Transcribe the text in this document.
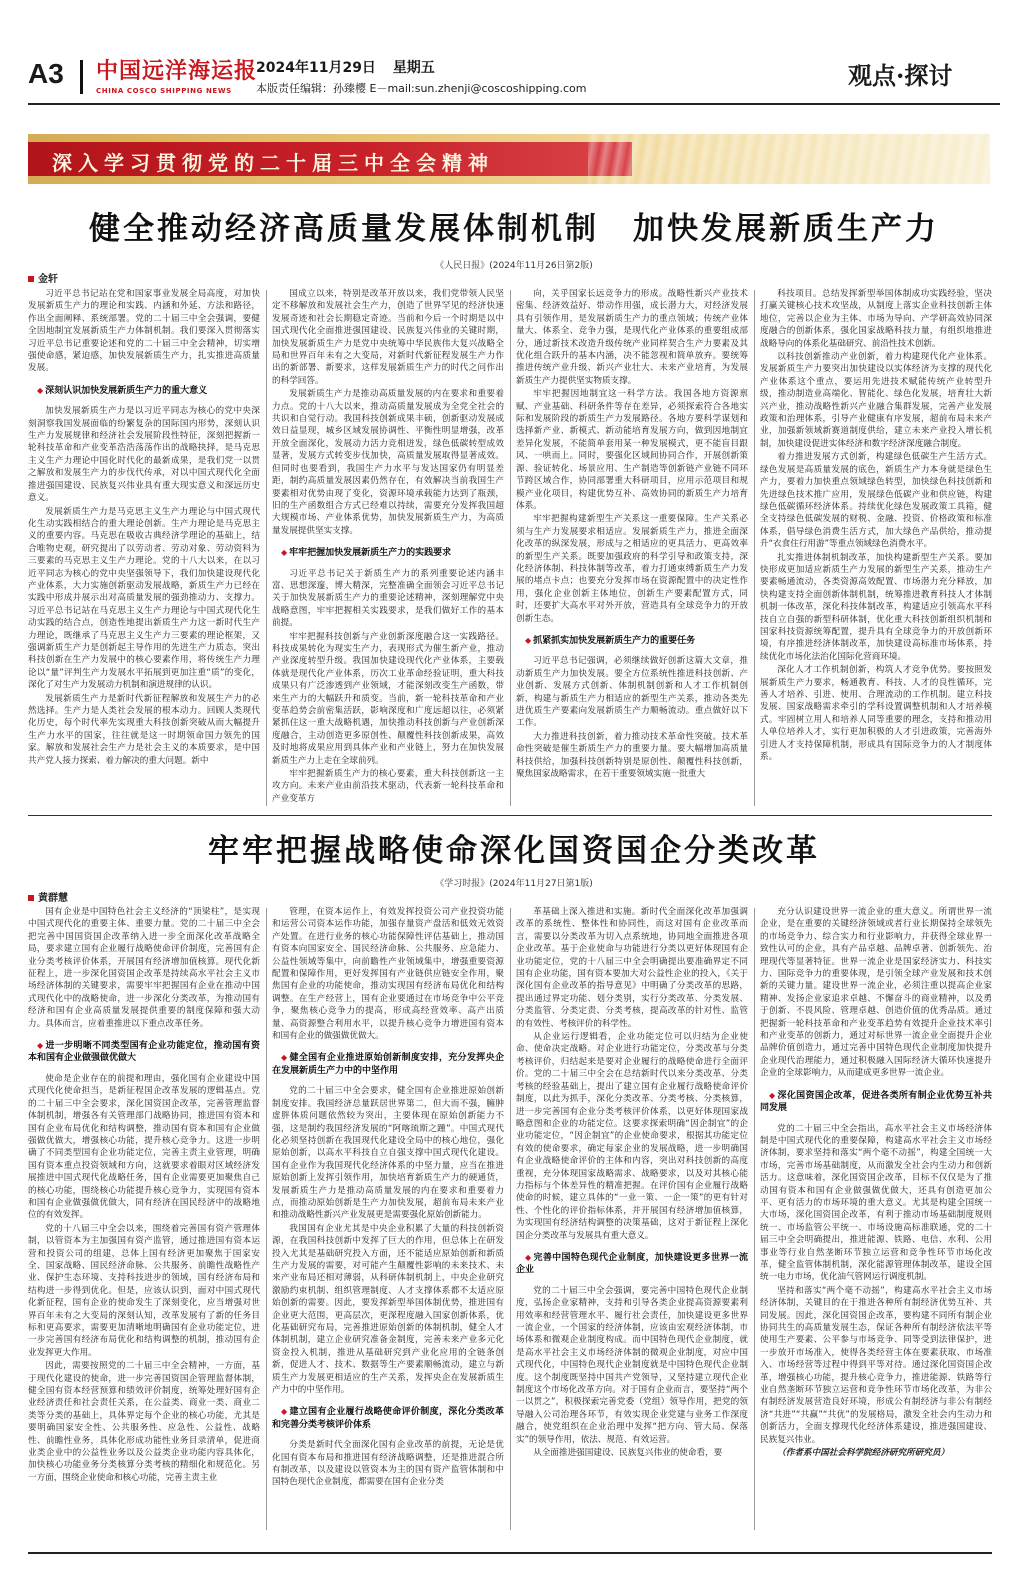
A3 中国远洋海运报
CHINA COSCO SHIPPING NEWS
2024年11月29日 星期五
本版责任编辑：孙臻樱 E－mail:sun.zhenji@coscoshipping.com	观点·探讨
深入学习贯彻党的二十届三中全会精神
健全推动经济高质量发展体制机制　加快发展新质生产力
《人民日报》(2024年11月26日第2版)
金轩

习近平总书记站在党和国家事业发展全局高度，对加快发展新质生产力的理论和实践、内涵和外延、方法和路径，作出全面阐释、系统部署。党的二十届三中全会强调，要健全因地制宜发展新质生产力体制机制。我们要深入贯彻落实习近平总书记重要论述和党的二十届三中全会精神，切实增强使命感，紧迫感，加快发展新质生产力，扎实推进高质量发展。

◆ 深刻认识加快发展新质生产力的重大意义

加快发展新质生产力是以习近平同志为核心的党中央深刻洞察我国发展面临的纷繁复杂的国际国内形势，深刻认识生产力发展规律和经济社会发展阶段性特征，深刻把握新一轮科技革命和产业变革浩浩荡荡作出的战略抉择，是马克思主义生产力理论中国化时代化的最新成果，是我们党一以贯之解放和发展生产力的步伐代传承，对以中国式现代化全面推进强国建设、民族复兴伟业具有重大现实意义和深远历史意义。

发展新质生产力是马克思主义生产力理论与中国式现代化生动实践相结合的重大理论创新。生产力理论是马克思主义的重要内容。马克思在吸收古典经济学理论的基础上，结合唯物史观，研究提出了以劳动者、劳动对象、劳动资料为三要素的马克思主义生产力理论。党的十八大以来，在以习近平同志为核心的党中央坚强领导下，我们加快建设现代化产业体系，大力实施创新驱动发展战略，新质生产力已经在实践中形成并展示出对高质量发展的强劲推动力、支撑力。习近平总书记站在马克思主义生产力理论与中国式现代化生动实践的结合点，创造性地提出新质生产力这一新时代生产力理论，既继承了马克思主义生产力三要素的理论框架，又强调新质生产力是创新起主导作用的先进生产力质态，突出科技创新在生产力发展中的核心要素作用，将传统生产力理论以“量”评判生产力发展水平拓展到更加注重“质”的变化，深化了对生产力发展动力机制和演进规律的认识。

发展新质生产力是新时代新征程解放和发展生产力的必然选择。生产力是人类社会发展的根本动力。回顾人类现代化历史，每个时代率先实现重大科技创新突破从而大幅提升生产力水平的国家，往往就是这一时期领命国力领先的国家。解放和发展社会生产力是社会主义的本质要求，是中国共产党人接力探索、着力解决的重大问题。新中

国成立以来，特别是改革开放以来，我们党带领人民坚定不移解放和发展社会生产力，创造了世界罕见的经济快速发展奇迹和社会长期稳定奇迹。当前和今后一个时期是以中国式现代化全面推进强国建设、民族复兴伟业的关键时期，加快发展新质生产力是党中央统筹中华民族伟大复兴战略全局和世界百年未有之大变局，对新时代新征程发展生产力作出的新部署、新要求，这样发展新质生产力的时代之问作出的科学回答。

发展新质生产力是推动高质量发展的内在要求和重要着力点。党的十八大以来，推动高质量发展成为全党全社会的共识和自觉行动。我国科技创新成果丰硕，创新驱动发展成效日益显现，城乡区域发展协调性、平衡性明显增强，改革开放全面深化，发展动力活力竞相迸发，绿色低碳转型成效显著，发展方式转变步伐加快，高质量发展取得显著成效。但同时也要看到，我国生产力水平与发达国家仍有明显差距，制约高质量发展因素仍然存在，有效解决当前我国生产要素相对优势由现了变化，资源环境承载能力达到了瓶颈，旧的生产函数组合方式已经难以持续，需要充分发挥我国超大规模市场、产业体系优势，加快发展新质生产力，为高质量发展提供坚实支撑。

◆ 牢牢把握加快发展新质生产力的实践要求

习近平总书记关于新质生产力的系列重要论述内涵丰富、思想深邃，博大精深，完整准确全面领会习近平总书记关于加快发展新质生产力的重要论述精神，深刻理解党中央战略意图，牢牢把握相关实践要求，是我们做好工作的基本前提。

牢牢把握科技创新与产业创新深度融合这一实践路径。科技成果转化为现实生产力，表现形式为催生新产业，推动产业深度转型升级。我国加快建设现代化产业体系，主要载体就是现代化产业体系，历次工业革命经验证明，重大科技成果只有广泛渗透到产业领域，才能深刻改变生产函数，带来生产力的大幅跃升和质变。当前，新一轮科技革命和产业变革趋势会前密集活跃，影响深度和广度远超以往，必须紧紧抓住这一重大战略机遇，加快推动科技创新与产业创新深度融合，主动创造更多原创性、颠覆性科技创新成果，高效及时地将成果应用到具体产业和产业链上，努力在加快发展新质生产力上走在全球前列。

牢牢把握新质生产力的核心要素，重大科技创新这一主攻方向。未来产业由前沿技术驱动，代表新一轮科技革命和产业变革方

向，关乎国家长远竞争力的形成。战略性新兴产业技术密集、经济效益好、带动作用强，成长潜力大，对经济发展具有引领作用，是发展新质生产力的重点领域；传统产业体量大、体系全、竞争力强，是现代化产业体系的重要组成部分，通过新技术改造升级传统产业同样契合生产力要素及其优化组合跃升的基本内涵，决不能忽视和简单放弃。要统筹推进传统产业升级、新兴产业壮大、未来产业培育，为发展新质生产力提供坚实物质支撑。

牢牢把握因地制宜这一科学方法。我国各地方资源禀赋、产业基础、科研条件等存在差异，必须探索符合各地实际和发展阶段的新质生产力发展路径。各地方要科学谋划和选择新产业、新模式、新动能培育发展方向，做到因地制宜差异化发展，不能简单套用某一种发展模式，更不能盲目跟风、一哄而上。同时，要强化区域间协同合作，开展创新策源、验证转化、场景应用、生产制造等创新链产业链不同环节跨区域合作，协同部署重大科研项目，应用示范项目和规模产业化项目，构建优势互补、高效协同的新质生产力培育体系。

牢牢把握构建新型生产关系这一重要保障。生产关系必须与生产力发展要求相适应。发展新质生产力，推进全面深化改革的纵深发展，形成与之相适应的更具活力、更高效率的新型生产关系。既要加强政府的科学引导和政策支持，深化经济体制、科技体制等改革，着力打通束缚新质生产力发展的堵点卡点；也要充分发挥市场在资源配置中的决定性作用，强化企业创新主体地位，创新生产要素配置方式，同时，还要扩大高水平对外开放，营造具有全球竞争力的开放创新生态。

◆ 抓紧抓实加快发展新质生产力的重要任务

习近平总书记强调，必须继续做好创新这篇大文章，推动新质生产力加快发展。要全方位系统性推进科技创新、产业创新、发展方式创新、体制机制创新和人才工作机制创新，构建与新质生产力相适应的新型生产关系，推动各类先进优质生产要素向发展新质生产力顺畅流动。重点做好以下工作。

大力推进科技创新，着力推动技术革命性突破。技术革命性突破是催生新质生产力的重要力量。要大幅增加高质量科技供给，加强科技创新特别是原创性、颠覆性科技创新，聚焦国家战略需求，在若干重要领域实施一批重大

科技项目。总结发挥新型举国体制成功实践经验，坚决打赢关键核心技术攻坚战，从制度上落实企业科技创新主体地位，完善以企业为主体、市场为导向、产学研高效协同深度融合的创新体系，强化国家战略科技力量，有组织地推进战略导向的体系化基础研究、前沿性技术创新。

以科技创新推动产业创新，着力构建现代化产业体系。发展新质生产力要突出加快建设以实体经济为支撑的现代化产业体系这个重点，要运用先进技术赋能传统产业转型升级，推动制造业高端化、智能化、绿色化发展，培育壮大新兴产业，推动战略性新兴产业融合集群发展，完善产业发展政策和治理体系，引导产业健康有序发展，超前布局未来产业，加强新领域新赛道制度供给，建立未来产业投入增长机制，加快建设促进实体经济和数字经济深度融合制度。

着力推进发展方式创新，构建绿色低碳生产生活方式。绿色发展是高质量发展的底色，新质生产力本身就是绿色生产力，要着力加快重点领域绿色转型，加快绿色科技创新和先进绿色技术推广应用，发展绿色低碳产业和供应链，构建绿色低碳循环经济体系。持续优化绿色发展政策工具箱，健全支持绿色低碳发展的财税、金融、投资、价格政策和标准体系，倡导绿色消费生活方式，加大绿色产品供给，推动提升“衣食住行用游”等重点领域绿色消费水平。

扎实推进体制机制改革，加快构建新型生产关系。要加快形成更加适应新质生产力发展的新型生产关系，推动生产要素畅通流动，各类资源高效配置、市场潜力充分释放，加快构建支持全面创新体制机制，统筹推进教育科技人才体制机制一体改革，深化科技体制改革，构建适应引领高水平科技自立自强的新型科研体制，优化重大科技创新组织机制和国家科技资源统筹配置，提升具有全球竞争力的开放创新环境，有序推进经济体制改革，加快建设高标准市场体系，持续优化市场化法治化国际化营商环境。

深化人才工作机制创新，构筑人才竞争优势。要按照发展新质生产力要求，畅通教育、科技、人才的良性循环，完善人才培养、引进、使用、合理流动的工作机制。建立科技发展、国家战略需求牵引的学科设置调整机制和人才培养模式。牢固树立用人和培养人同等重要的理念，支持和推动用人单位培养人才，实行更加积极的人才引进政策，完善海外引进人才支持保障机制，形成具有国际竞争力的人才制度体系。

牢牢把握战略使命深化国资国企分类改革
《学习时报》(2024年11月27日第1版)
黄群慧

国有企业是中国特色社会主义经济的“顶梁柱”，是实现中国式现代化的重要主体、重要力量。党的二十届三中全会把完善中国国资国企改革纳入进一步全面深化改革战略全局，要求建立国有企业履行战略使命评价制度，完善国有企业分类考核评价体系，开展国有经济增加值核算。现代化新征程上，进一步深化国资国企改革是持续高水平社会主义市场经济体制的关键要求，需要牢牢把握国有企业在推动中国式现代化中的战略使命，进一步深化分类改革，为推动国有经济和国有企业高质量发展提供重要的制度保障和强大动力。具体而言，应着重推进以下重点改革任务。

◆ 进一步明晰不同类型国有企业功能定位，推动国有资本和国有企业做强做优做大

使命是企业存在的前提和理由，强化国有企业建设中国式现代化使命担当，是新征程国企改革发展的逻辑基点。党的二十届三中全会要求，深化国资国企改革，完善管理监督体制机制，增强各有关管理部门战略协同，推进国有资本和国有企业布局优化和结构调整，推动国有资本和国有企业做强做优做大，增强核心功能，提升核心竞争力。这进一步明确了不同类型国有企业功能定位，完善主责主业管理，明确国有资本重点投资领域和方向，这就要求着眼对区域经济发展推进中国式现代化战略任务，国有企业需要更加聚焦自己的核心功能，围绕核心功能提升核心竞争力，实现国有资本和国有企业做强做优做大，同有经济在国民经济中的战略地位的有效发挥。

党的十八届三中全会以来，围绕着完善国有资产管理体制，以管资本为主加强国有资产监管，通过推进国有资本运营和投资公司的组建，总体上国有经济更加聚焦于国家安全、国家战略、国民经济命脉、公共服务、前瞻性战略性产业、保护生态环境、支持科技进步的领域，国有经济布局和结构进一步得到优化。但是，应该认识到，面对中国式现代化新征程，国有企业的使命发生了深刻变化，应当增强对世界百年未有之大变局的深刻认知，改革发展有了新的任务目标和更高要求，需要更加清晰地明确国有企业功能定位，进一步完善国有经济布局优化和结构调整的机制，推动国有企业发挥更大作用。

因此，需要按照党的二十届三中全会精神，一方面，基于现代化建设的使命，进一步完善国资国企管理监督体制，健全国有资本经营预算和绩效评价制度，统筹处理好国有企业经济责任和社会责任关系，在公益类、商业一类、商业二类等分类的基础上，具体界定每个企业的核心功能，尤其是要明确国家安全性、公共服务性、应急性、公益性、战略性、前瞻性业务，具体化形成功能性业务目录清单，促进商业类企业中的公益性业务以及公益类企业功能内容具体化，加快核心功能业务分类核算分类考核的精细化和规范化。另一方面，围绕企业使命和核心功能，完善主责主业

管理，在资本运作上，有效发挥投资公司产业投资功能和运营公司资本运作功能，加强存量资产盘活和低效无效资产处置。在进行业务的核心功能保障性评估基础上，推动国有资本向国家安全、国民经济命脉、公共服务、应急能力、公益性领域等集中，向前瞻性产业领域集中，增强重要资源配置和保障作用，更好发挥国有产业链供应链安全作用，聚焦国有企业的功能使命，推动实现国有经济布局优化和结构调整。在生产经营上，国有企业要通过在市场竞争中公平竞争，聚焦核心竞争力的提高，形成高经营效率、高产出质量、高资源整合利用水平，以提升核心竞争力增进国有资本和国有企业的做强做优做大。

◆ 健全国有企业推进原始创新制度安排，充分发挥央企在发展新质生产力中的中坚作用

党的二十届三中全会要求，健全国有企业推进原始创新制度安排。我国经济总量跃居世界第二，但大而不强，臃肿虚胖体质问题依然较为突出，主要体现在原始创新能力不强，这是制约我国经济发展的“阿喀琉斯之踵”。中国式现代化必须坚持创新在我国现代化建设全局中的核心地位，强化原始创新，以高水平科技自立自强支撑中国式现代化建设。国有企业作为我国现代化经济体系的中坚力量，应当在推进原始创新上发挥引领作用，加快培育新质生产力的硬通货，发展新质生产力是推动高质量发展的内在要求和重要着力点，而推动原始创新是生产力加快发展，超前布局未来产业和推动战略性新兴产业发展更是需要强化原始创新能力。

我国国有企业尤其是中央企业积累了大量的科技创新资源，在我国科技创新中发挥了巨大的作用，但总体上在研发投入尤其是基础研究投入方面，还不能适应原始创新和新质生产力发展的需要，对可能产生颠覆性影响的未来技术、未来产业布局还相对薄弱，从科研体制机制上，中央企业研究激励约束机制、组织管理制度、人才支撑体系都不太适应原始创新的需要。因此，要发挥新型举国体制优势，推进国有企业更大范围，更高层次，更深程度融入国家创新体系，优化基础研究布局，完善推进原始创新的体制机制，健全人才体制机制，建立企业研究准备金制度，完善未来产业多元化资金投入机制，推进从基础研究到产业化应用的全链条创新，促进人才、技术、数据等生产要素顺畅流动，建立与新质生产力发展更相适应的生产关系，发挥央企在发展新质生产力中的中坚作用。

◆ 建立国有企业履行战略使命评价制度，深化分类改革和完善分类考核评价体系

分类是新时代全面深化国有企业改革的前提，无论是优化国有资本布局和推进国有经济战略调整，还是推进混合所有制改革，以及建设以管资本为主的国有资产监管体制和中国特色现代企业制度，都需要在国有企业分类

革基础上深入推进和实施。新时代全面深化改革加强调改革的系统性、整体性和协同性，而这对国有企业改革而言，需要以分类改革为切入点系统地，协同地全面推进各项企业改革。基于企业使命与功能进行分类以更好体现国有企业功能定位，党的十八届三中全会明确提出要准确界定不同国有企业功能，国有资本要加大对公益性企业的投入，《关于深化国有企业改革的指导意见》中明确了分类改革的思路，提出通过界定功能、划分类别，实行分类改革、分类发展、分类监管、分类定责、分类考核，提高改革的针对性、监管的有效性、考核评价的科学性。

从企业运行逻辑看，企业功能定位可以归结为企业使命、使命决定战略。对企业进行功能定位，分类改革与分类考核评价，归结起来是要对企业履行的战略使命进行全面评价。党的二十届三中全会在总结新时代以来分类改革、分类考核的经验基础上，提出了建立国有企业履行战略使命评价制度，以此为抓手，深化分类改革、分类考核、分类核算，进一步完善国有企业分类考核评价体系，以更好体现国家战略意图和企业的功能定位。这要求探索明确“因企制宜”的企业功能定位，“因企制宜”的企业使命要求，根据其功能定位有效的使命要求，确定每家企业的发展战略，进一步明确国有企业战略使命评价的主体和内容，突出对科技创新的高度重视，充分体现国家战略需求、战略要求，以及对其核心能力指标与个体差异性的精准把握。在评价国有企业履行战略使命的时候，建立具体的“一业一策、一企一策”的更有针对性、个性化的评价指标体系，并开展国有经济增加值核算，为实现国有经济结构调整的决策基础，这对于新征程上深化国企分类改革与发展具有重大意义。

◆ 完善中国特色现代企业制度，加快建设更多世界一流企业

党的二十届三中全会强调，要完善中国特色现代企业制度，弘扬企业家精神，支持和引导各类企业提高资源要素利用效率和经营管理水平、履行社会责任，加快建设更多世界一流企业，一个国家的经济体制，应该由宏观经济体制，市场体系和微观企业制度构成。而中国特色现代企业制度，就是高水平社会主义市场经济体制的微观企业制度，对应中国式现代化，中国特色现代企业制度就是中国特色现代企业制度。这个制度既坚持中国共产党领导，又坚持建立现代企业制度这个市场化改革方向。对于国有企业而言，要坚持“两个一以贯之”，积极探索完善党委（党组）领导作用，把党的领导融入公司治理各环节，有效实现企业党建与业务工作深度融合，使党组织在企业治理中发挥“把方向、管大局、保落实”的领导作用，依法、规范、有效运营。

从全面推进强国建设、民族复兴伟业的使命看，要

充分认识建设世界一流企业的重大意义。所谓世界一流企业，是在重要的关键经济领域或者行业长期保持全球领先的市场竞争力、综合实力和行业影响力，并获得全球业界一致性认可的企业，具有产品卓越、品牌卓著、创新领先、治理现代等显著特征。世界一流企业是国家经济实力、科技实力、国际竞争力的重要体现，是引领全球产业发展和技术创新的关键力量。建设世界一流企业，必须注重以提高企业家精神、发扬企业家追求卓越、不懈奋斗的商业精神，以及勇于创新、不畏风险、管理卓越、创造价值的优秀品质。通过把握新一轮科技革命和产业变革趋势有效提升企业技术率引和产业变革的创新力，通过对标世界一流企业全面提升企业品牌价值创造力，通过完善中国特色现代企业制度加快提升企业现代治理能力，通过积极融入国际经济大循环快速提升企业的全球影响力，从而建成更多世界一流企业。

◆ 深化国资国企改革，促进各类所有制企业优势互补共同发展

党的二十届三中全会指出，高水平社会主义市场经济体制是中国式现代化的重要保障，构建高水平社会主义市场经济体制，要求坚持和落实“两个毫不动摇”，构建全国统一大市场，完善市场基础制度，从而激发全社会内生动力和创新活力。这意味着，深化国资国企改革，目标不仅仅是为了推动国有资本和国有企业做强做优做大，还具有创造更加公平、更有活力的市场环境的重大意义。尤其是构建全国统一大市场，深化国资国企改革，有利于推动市场基础制度规则统一、市场监管公平统一、市场设施高标准联通，党的二十届三中全会明确提出，推进能源、铁路、电信、水利、公用事业等行业自然垄断环节独立运营和竞争性环节市场化改革，健全监管体制机制，深化能源管理体制改革，建设全国统一电力市场，优化油气管网运行调度机制。

坚持和落实“两个毫不动摇”，构建高水平社会主义市场经济体制，关键目的在于推进各种所有制经济优势互补、共同发展。因此，深化国资国企改革，要构建不同所有制企业协同共生的高质量发展生态，保证各种所有制经济依法平等使用生产要素、公平参与市场竞争、同等受到法律保护，进一步放开市场准入，使得各类经营主体在要素获取、市场准入、市场经营等过程中得到平等对待。通过深化国资国企改革，增强核心功能，提升核心竞争力，推进能源、铁路等行业自然垄断环节独立运营和竞争性环节市场化改革，为非公有制经济发展营造良好环境，形成公有制经济与非公有制经济“共进”“共赢”“共优”的发展格局，激发全社会内生动力和创新活力，全面支撑现代化经济体系建设，推进强国建设、民族复兴伟业。

（作者系中国社会科学院经济研究所研究员）
